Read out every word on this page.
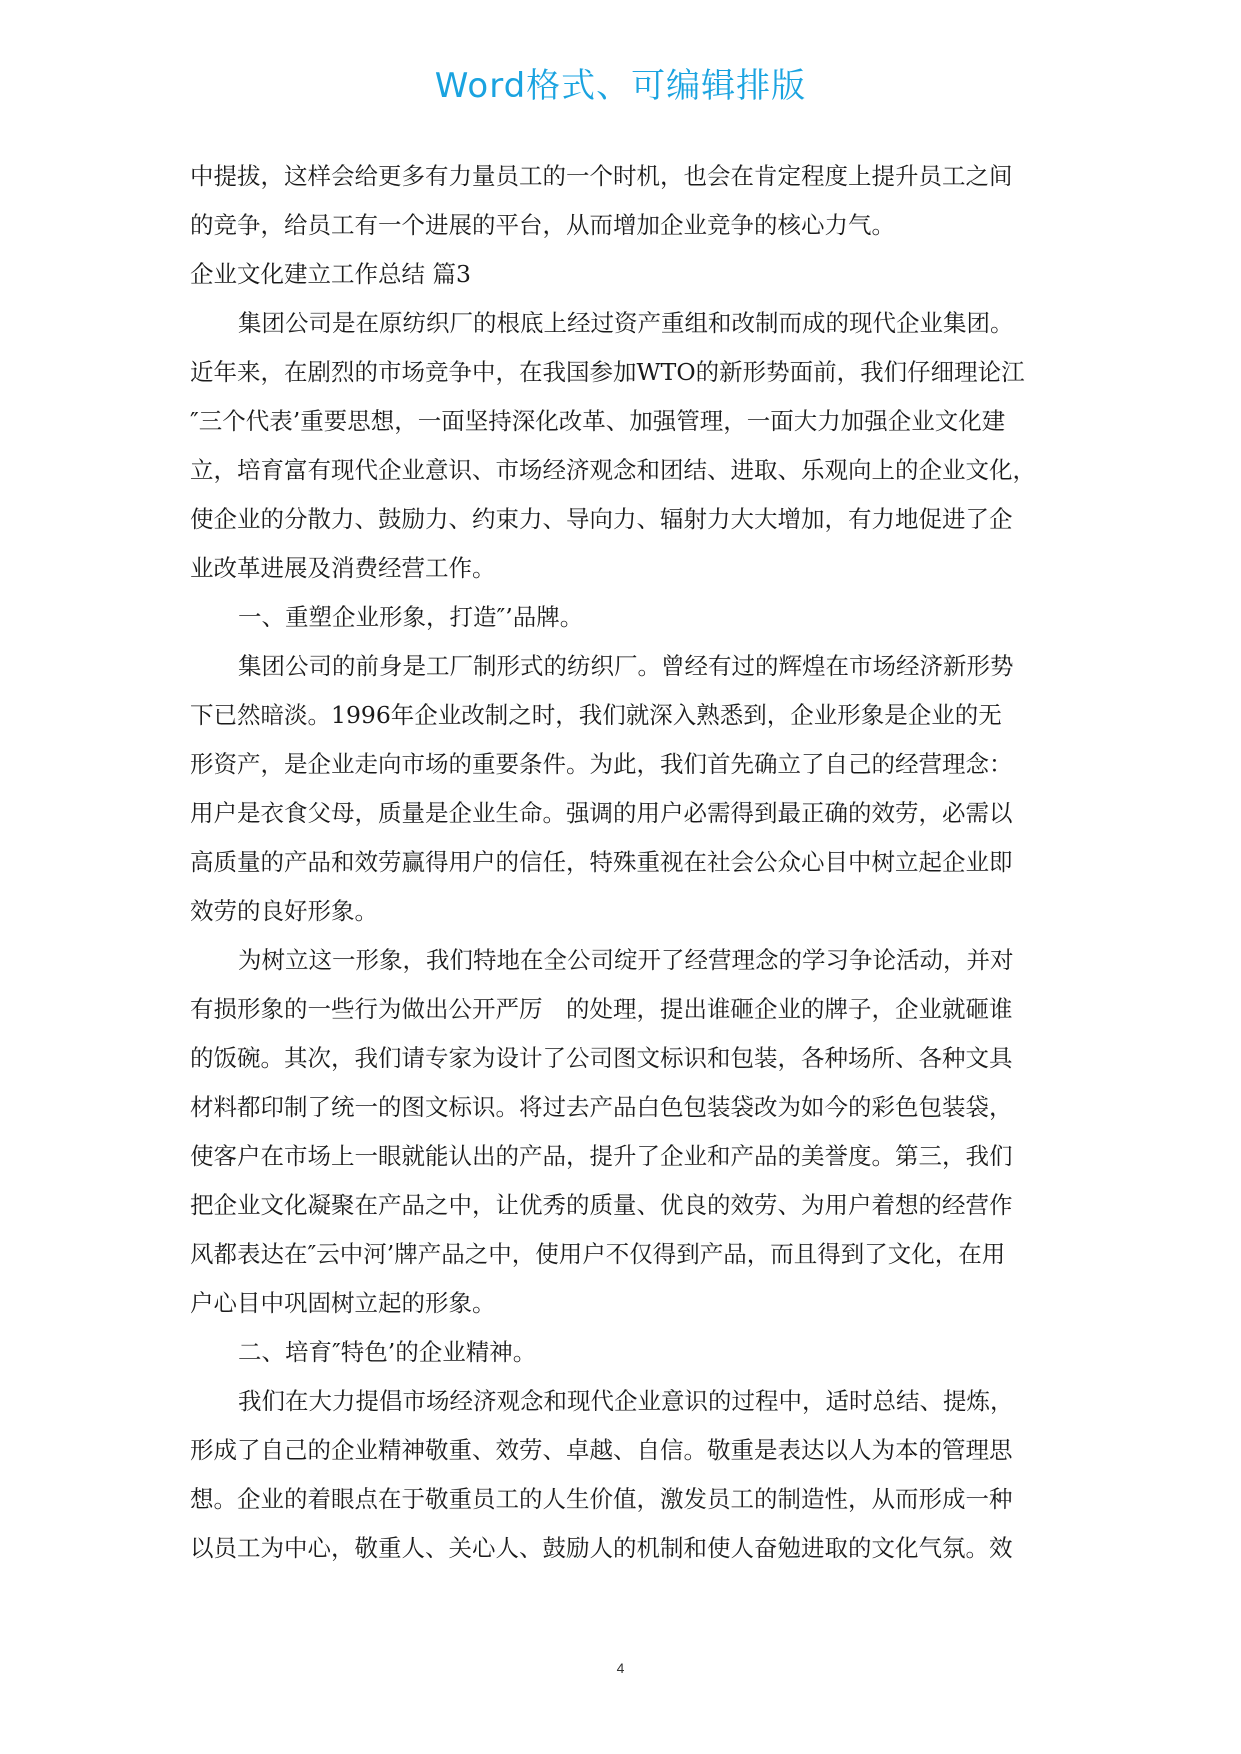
Word格式、可编辑排版
中提拔，这样会给更多有力量员工的一个时机，也会在肯定程度上提升员工之间
的竞争，给员工有一个进展的平台，从而增加企业竞争的核心力气。
企业文化建立工作总结 篇3
集团公司是在原纺织厂的根底上经过资产重组和改制而成的现代企业集团。
近年来，在剧烈的市场竞争中，在我国参加WTO的新形势面前，我们仔细理论江
″三个代表’重要思想，一面坚持深化改革、加强管理，一面大力加强企业文化建
立，培育富有现代企业意识、市场经济观念和团结、进取、乐观向上的企业文化，
使企业的分散力、鼓励力、约束力、导向力、辐射力大大增加，有力地促进了企
业改革进展及消费经营工作。
一、重塑企业形象，打造″’品牌。
集团公司的前身是工厂制形式的纺织厂。曾经有过的辉煌在市场经济新形势
下已然暗淡。1996年企业改制之时，我们就深入熟悉到，企业形象是企业的无
形资产，是企业走向市场的重要条件。为此，我们首先确立了自己的经营理念：
用户是衣食父母，质量是企业生命。强调的用户必需得到最正确的效劳，必需以
高质量的产品和效劳赢得用户的信任，特殊重视在社会公众心目中树立起企业即
效劳的良好形象。
为树立这一形象，我们特地在全公司绽开了经营理念的学习争论活动，并对
有损形象的一些行为做出公开严厉　的处理，提出谁砸企业的牌子，企业就砸谁
的饭碗。其次，我们请专家为设计了公司图文标识和包装，各种场所、各种文具
材料都印制了统一的图文标识。将过去产品白色包装袋改为如今的彩色包装袋，
使客户在市场上一眼就能认出的产品，提升了企业和产品的美誉度。第三，我们
把企业文化凝聚在产品之中，让优秀的质量、优良的效劳、为用户着想的经营作
风都表达在″云中河’牌产品之中，使用户不仅得到产品，而且得到了文化，在用
户心目中巩固树立起的形象。
二、培育″特色’的企业精神。
我们在大力提倡市场经济观念和现代企业意识的过程中，适时总结、提炼，
形成了自己的企业精神敬重、效劳、卓越、自信。敬重是表达以人为本的管理思
想。企业的着眼点在于敬重员工的人生价值，激发员工的制造性，从而形成一种
以员工为中心，敬重人、关心人、鼓励人的机制和使人奋勉进取的文化气氛。效
4
